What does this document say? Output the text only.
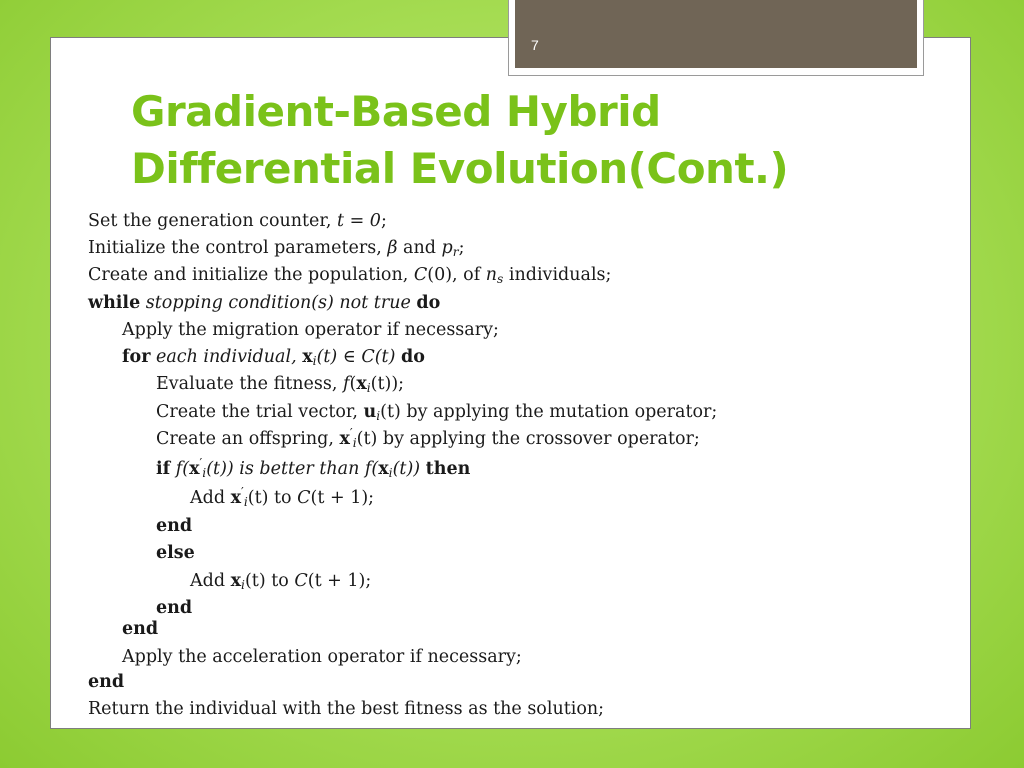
7
Gradient-Based Hybrid
Differential Evolution(Cont.)
Set the generation counter, t = 0;
Initialize the control parameters, β and $p_r$;
Create and initialize the population, C(0), of $n_s$ individuals;
while stopping condition(s) not true do
Apply the migration operator if necessary;
for each individual, $x_i(t)$ ∈ C(t) do
Evaluate the fitness, $f(x_i(t))$;
Create the trial vector, $u_i(t)$ by applying the mutation operator;
Create an offspring, $x'_i(t)$ by applying the crossover operator;
if $f(x'_i(t))$ is better than $f(x_i(t))$ then
Add $x'_i(t)$ to C(t + 1);
end
else
Add $x_i(t)$ to C(t + 1);
end
end
Apply the acceleration operator if necessary;
end
Return the individual with the best fitness as the solution;
